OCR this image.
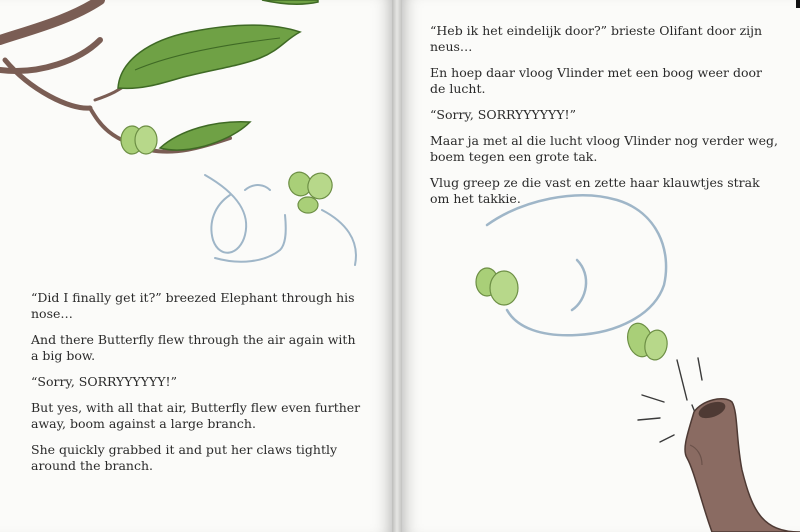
“Did I finally get it?” breezed Elephant through his nose…

And there Butterfly flew through the air again with a big bow.

“Sorry, SORRYYYYYY!”

But yes, with all that air, Butterfly flew even further away, boom against a large branch.

She quickly grabbed it and put her claws tightly around the branch.

“Heb ik het eindelijk door?” brieste Olifant door zijn neus…

En hoep daar vloog Vlinder met een boog weer door de lucht.

“Sorry, SORRYYYYYY!”

Maar ja met al die lucht vloog Vlinder nog verder weg, boem tegen een grote tak.

Vlug greep ze die vast en zette haar klauwtjes strak om het takkie.
